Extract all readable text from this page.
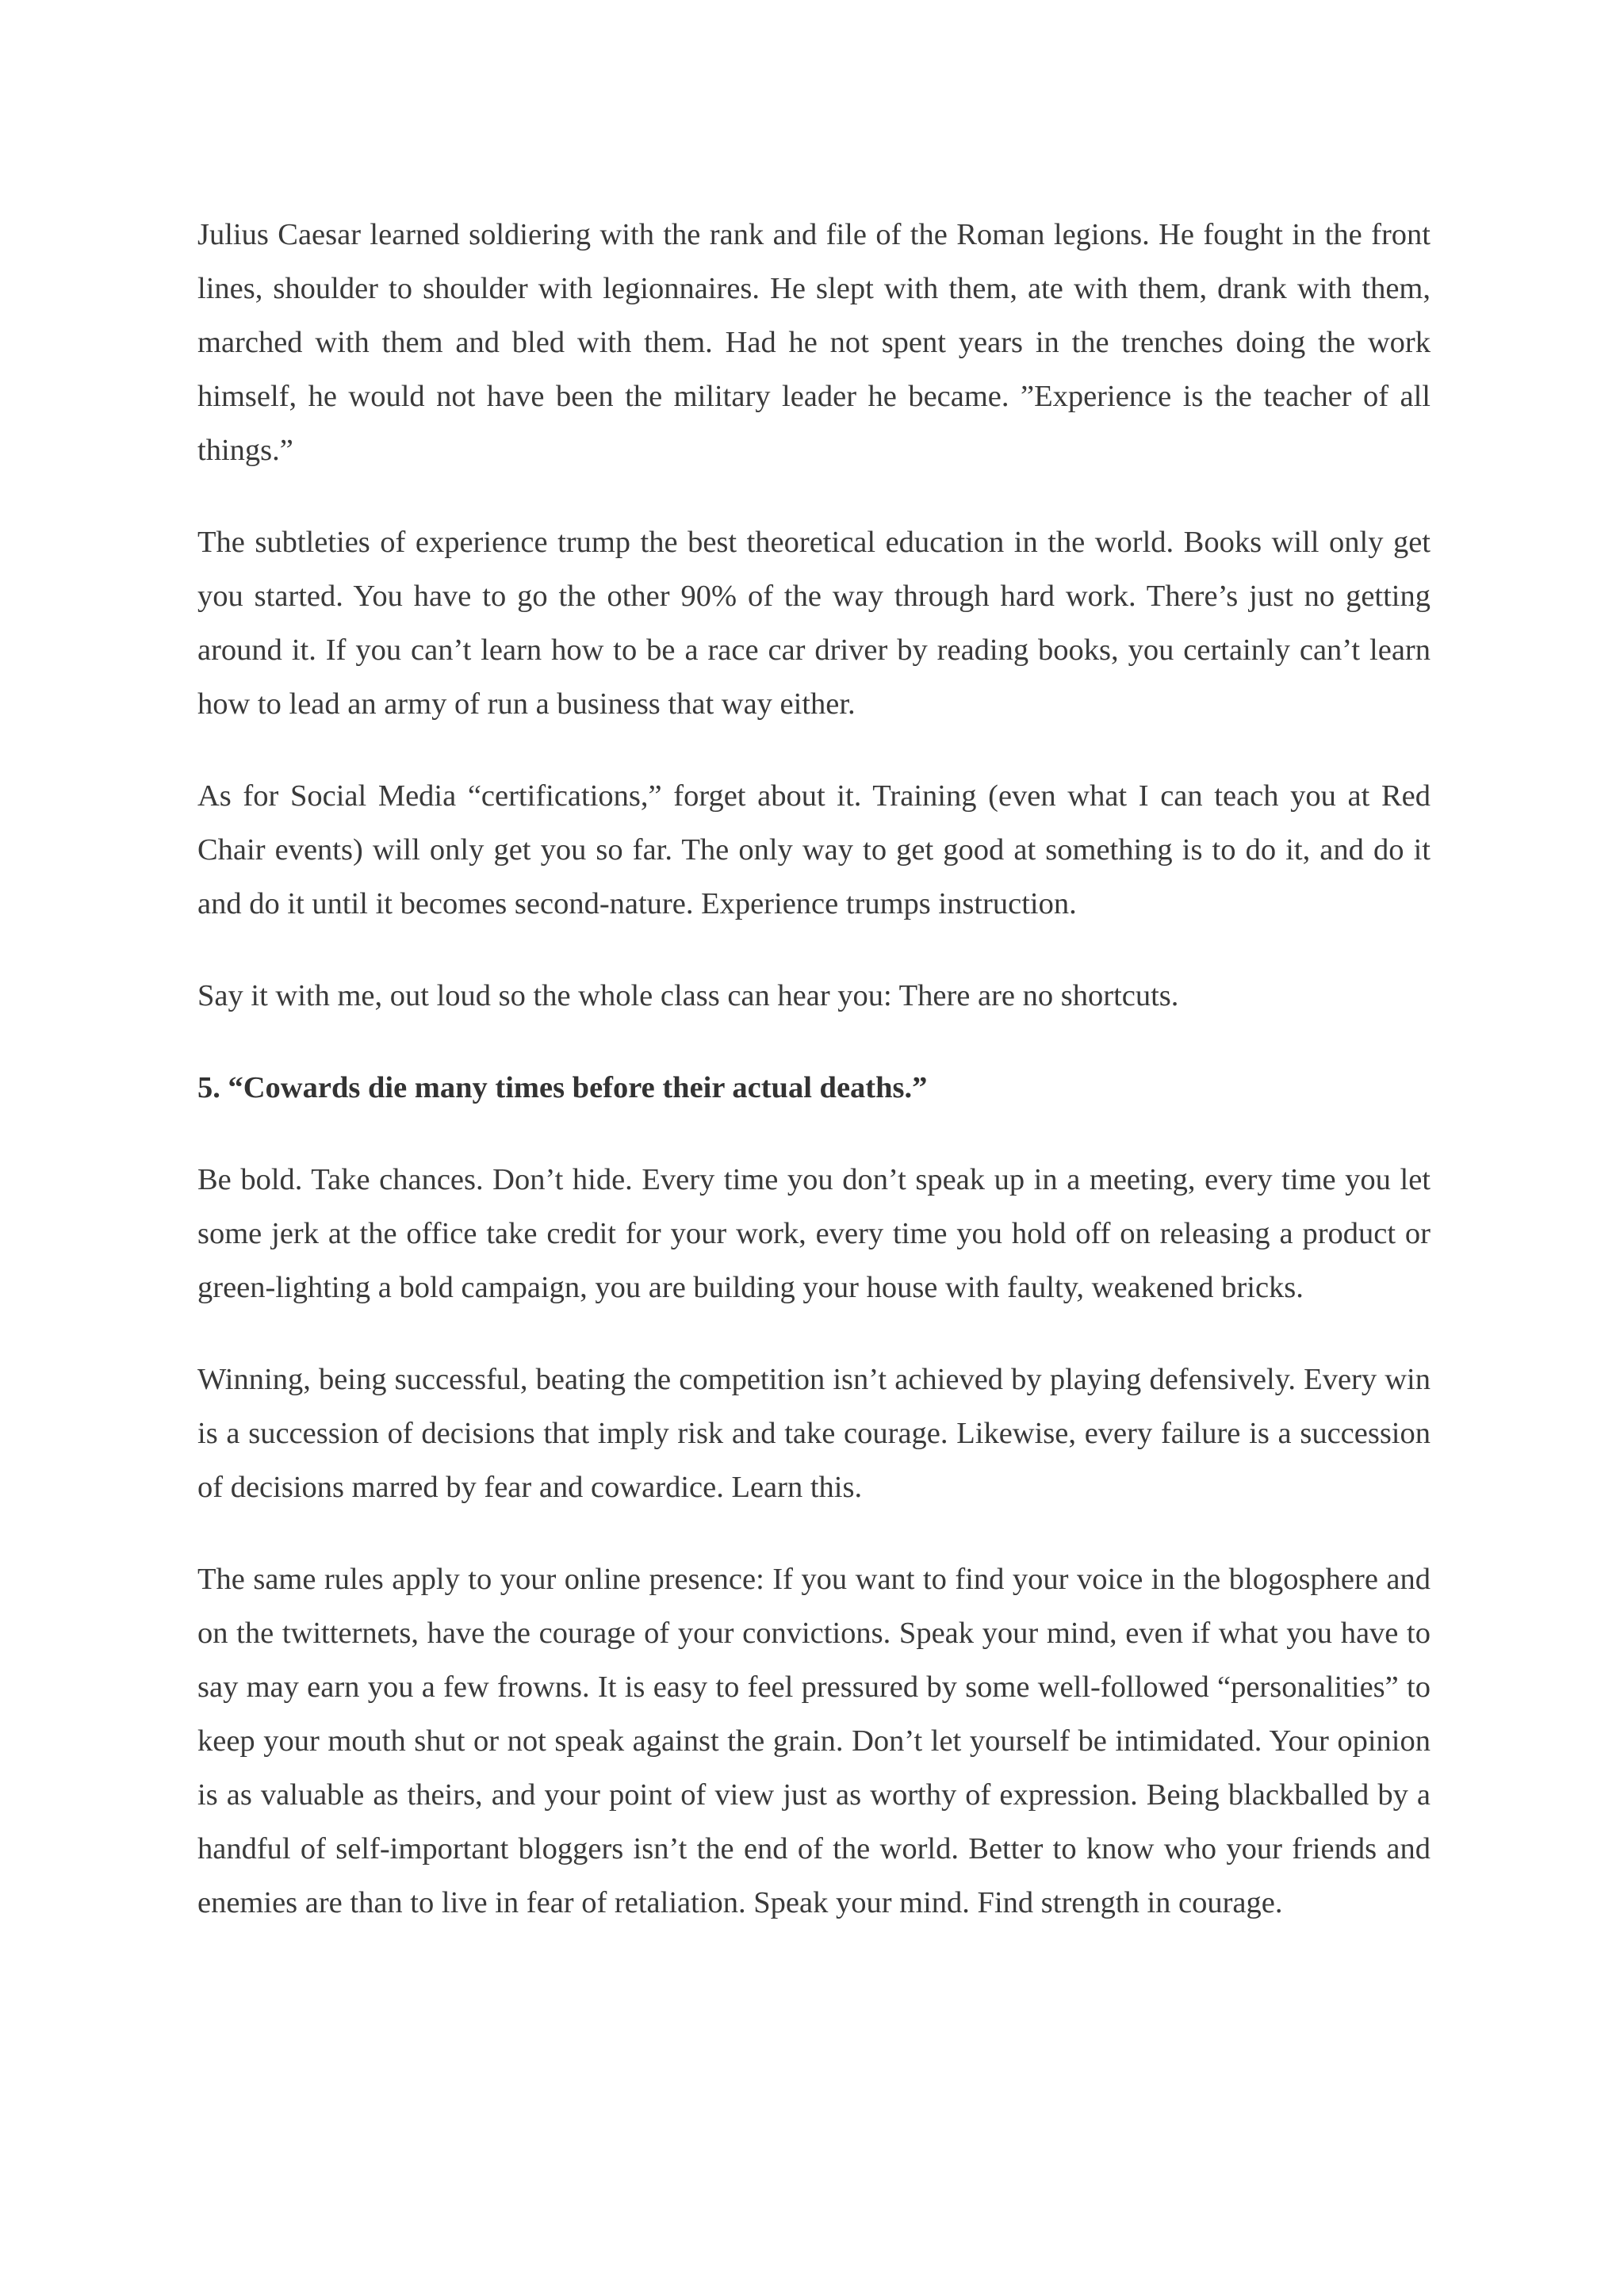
Julius Caesar learned soldiering with the rank and file of the Roman legions. He fought in the front lines, shoulder to shoulder with legionnaires. He slept with them, ate with them, drank with them, marched with them and bled with them. Had he not spent years in the trenches doing the work himself, he would not have been the military leader he became. ”Experience is the teacher of all things.”

The subtleties of experience trump the best theoretical education in the world. Books will only get you started. You have to go the other 90% of the way through hard work. There’s just no getting around it. If you can’t learn how to be a race car driver by reading books, you certainly can’t learn how to lead an army of run a business that way either.

As for Social Media “certifications,” forget about it. Training (even what I can teach you at Red Chair events) will only get you so far. The only way to get good at something is to do it, and do it and do it until it becomes second-nature. Experience trumps instruction.

Say it with me, out loud so the whole class can hear you: There are no shortcuts.

5. “Cowards die many times before their actual deaths.”

Be bold. Take chances. Don’t hide. Every time you don’t speak up in a meeting, every time you let some jerk at the office take credit for your work, every time you hold off on releasing a product or green-lighting a bold campaign, you are building your house with faulty, weakened bricks.

Winning, being successful, beating the competition isn’t achieved by playing defensively. Every win is a succession of decisions that imply risk and take courage. Likewise, every failure is a succession of decisions marred by fear and cowardice. Learn this.

The same rules apply to your online presence: If you want to find your voice in the blogosphere and on the twitternets, have the courage of your convictions. Speak your mind, even if what you have to say may earn you a few frowns. It is easy to feel pressured by some well-followed “personalities” to keep your mouth shut or not speak against the grain. Don’t let yourself be intimidated. Your opinion is as valuable as theirs, and your point of view just as worthy of expression. Being blackballed by a handful of self-important bloggers isn’t the end of the world. Better to know who your friends and enemies are than to live in fear of retaliation. Speak your mind. Find strength in courage.
